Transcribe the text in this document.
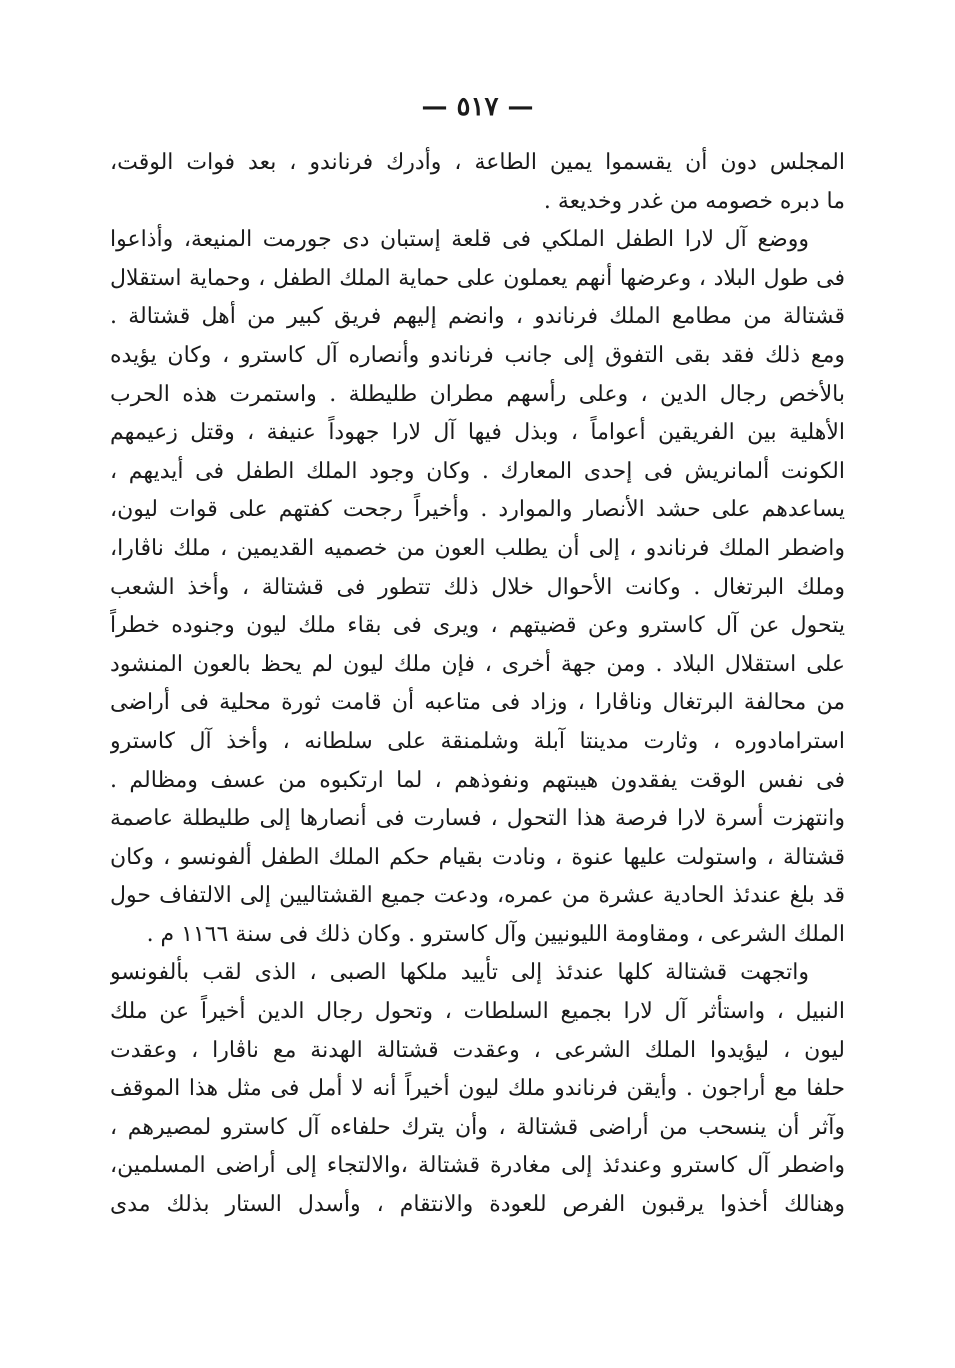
— ٥١٧ —
المجلس دون أن يقسموا يمين الطاعة ، وأدرك فرناندو ، بعد فوات الوقت،
ما دبره خصومه من غدر وخديعة .
ووضع آل لارا الطفل الملكي فى قلعة إستبان دى جورمت المنيعة، وأذاعوا
فى طول البلاد ، وعرضها أنهم يعملون على حماية الملك الطفل ، وحماية استقلال
قشتالة من مطامع الملك فرناندو ، وانضم إليهم فريق كبير من أهل قشتالة .
ومع ذلك فقد بقى التفوق إلى جانب فرناندو وأنصاره آل كاسترو ، وكان يؤيده
بالأخص رجال الدين ، وعلى رأسهم مطران طليطلة . واستمرت هذه الحرب
الأهلية بين الفريقين أعواماً ، وبذل فيها آل لارا جهوداً عنيفة ، وقتل زعيمهم
الكونت ألمانريش فى إحدى المعارك . وكان وجود الملك الطفل فى أيديهم ،
يساعدهم على حشد الأنصار والموارد . وأخيراً رجحت كفتهم على قوات ليون،
واضطر الملك فرناندو ، إلى أن يطلب العون من خصميه القديمين ، ملك ناڤارا،
وملك البرتغال . وكانت الأحوال خلال ذلك تتطور فى قشتالة ، وأخذ الشعب
يتحول عن آل كاسترو وعن قضيتهم ، ويرى فى بقاء ملك ليون وجنوده خطراً
على استقلال البلاد . ومن جهة أخرى ، فإن ملك ليون لم يحظ بالعون المنشود
من محالفة البرتغال وناڤارا ، وزاد فى متاعبه أن قامت ثورة محلية فى أراضى
استرامادوره ، وثارت مدينتا آبلة وشلمنقة على سلطانه ، وأخذ آل كاسترو
فى نفس الوقت يفقدون هيبتهم ونفوذهم ، لما ارتكبوه من عسف ومظالم .
وانتهزت أسرة لارا فرصة هذا التحول ، فسارت فى أنصارها إلى طليطلة عاصمة
قشتالة ، واستولت عليها عنوة ، ونادت بقيام حكم الملك الطفل ألفونسو ، وكان
قد بلغ عندئذ الحادية عشرة من عمره، ودعت جميع القشتاليين إلى الالتفاف حول
الملك الشرعى ، ومقاومة الليونيين وآل كاسترو . وكان ذلك فى سنة ١١٦٦ م .
واتجهت قشتالة كلها عندئذ إلى تأييد ملكها الصبى ، الذى لقب بألفونسو
النبيل ، واستأثر آل لارا بجميع السلطات ، وتحول رجال الدين أخيراً عن ملك
ليون ، ليؤيدوا الملك الشرعى ، وعقدت قشتالة الهدنة مع ناڤارا ، وعقدت
حلفا مع أراجون . وأيقن فرناندو ملك ليون أخيراً أنه لا أمل فى مثل هذا الموقف
وآثر أن ينسحب من أراضى قشتالة ، وأن يترك حلفاءه آل كاسترو لمصيرهم ،
واضطر آل كاسترو وعندئذ إلى مغادرة قشتالة ،والالتجاء إلى أراضى المسلمين،
وهنالك أخذوا يرقبون الفرص للعودة والانتقام ، وأسدل الستار بذلك مدى
